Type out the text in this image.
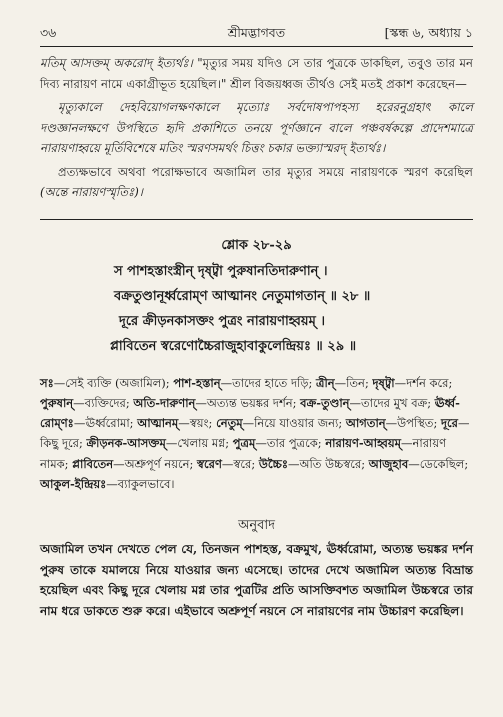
৩৬	শ্রীমদ্ভাগবত	[স্কন্ধ ৬, অধ্যায় ১

মতিম্ আসক্তম্ অকরোদ্ ইত্যর্থঃ। "মৃত্যুর সময় যদিও সে তার পুত্রকে ডাকছিল, তবুও তার মন দিব্য নারায়ণ নামে একাগ্রীভূত হয়েছিল।" শ্রীল বিজয়ধ্বজ তীর্থও সেই মতই প্রকাশ করেছেন—

মৃত্যুকালে দেহবিয়োগলক্ষণকালে মৃত্যোঃ সর্বদোষপাপহস্য হরেরনুগ্রহাৎ কালে দণ্ডজ্ঞানলক্ষণে উপস্থিতে হৃদি প্রকাশিতে তনয়ে পূর্ণজ্ঞানে বালে পঞ্চবর্ষকল্পে প্রাদেশমাত্রে নারায়ণাহ্বয়ে মূর্তিবিশেষে মতিং স্মরণসমর্থং চিত্তং চকার ভক্ত্যাস্মরদ্ ইত্যর্থঃ।

প্রত্যক্ষভাবে অথবা পরোক্ষভাবে অজামিল তার মৃত্যুর সময়ে নারায়ণকে স্মরণ করেছিল (অন্তে নারায়ণস্মৃতিঃ)।

শ্লোক ২৮-২৯

স পাশহস্তাংস্ত্রীন্ দৃষ্ট্বা পুরুষানতিদারুণান্ ।

বক্রতুণ্ডানূর্ধ্বরোম্ণ আত্মানং নেতুমাগতান্ ॥ ২৮ ॥

দূরে ক্রীড়নকাসক্তং পুত্রং নারায়ণাহ্বয়ম্ ।

প্লাবিতেন স্বরেণোচ্চৈরাজুহাবাকুলেন্দ্রিয়ঃ ॥ ২৯ ॥

সঃ—সেই ব্যক্তি (অজামিল); পাশ-হস্তান্—তাদের হাতে দড়ি; ত্রীন্—তিন; দৃষ্ট্বা—দর্শন করে; পুরুষান্—ব্যক্তিদের; অতি-দারুণান্—অত্যন্ত ভয়ঙ্কর দর্শন; বক্র-তুণ্ডান্—তাদের মুখ বক্র; ঊর্ধ্ব-রোম্ণঃ—ঊর্ধ্বরোমা; আত্মানম্—স্বয়ং; নেতুম্—নিয়ে যাওয়ার জন্য; আগতান্—উপস্থিত; দূরে—কিছু দূরে; ক্রীড়নক-আসক্তম্—খেলায় মগ্ন; পুত্রম্—তার পুত্রকে; নারায়ণ-আহ্বয়ম্—নারায়ণ নামক; প্লাবিতেন—অশ্রুপূর্ণ নয়নে; স্বরেণ—স্বরে; উচ্চৈঃ—অতি উচ্চস্বরে; আজুহাব—ডেকেছিল; আকুল-ইন্দ্রিয়ঃ—ব্যাকুলভাবে।

অনুবাদ

অজামিল তখন দেখতে পেল যে, তিনজন পাশহস্ত, বক্রমুখ, ঊর্ধ্বরোমা, অত্যন্ত ভয়ঙ্কর দর্শন পুরুষ তাকে যমালয়ে নিয়ে যাওয়ার জন্য এসেছে। তাদের দেখে অজামিল অত্যন্ত বিভ্রান্ত হয়েছিল এবং কিছু দূরে খেলায় মগ্ন তার পুত্রটির প্রতি আসক্তিবশত অজামিল উচ্চস্বরে তার নাম ধরে ডাকতে শুরু করে। এইভাবে অশ্রুপূর্ণ নয়নে সে নারায়ণের নাম উচ্চারণ করেছিল।
